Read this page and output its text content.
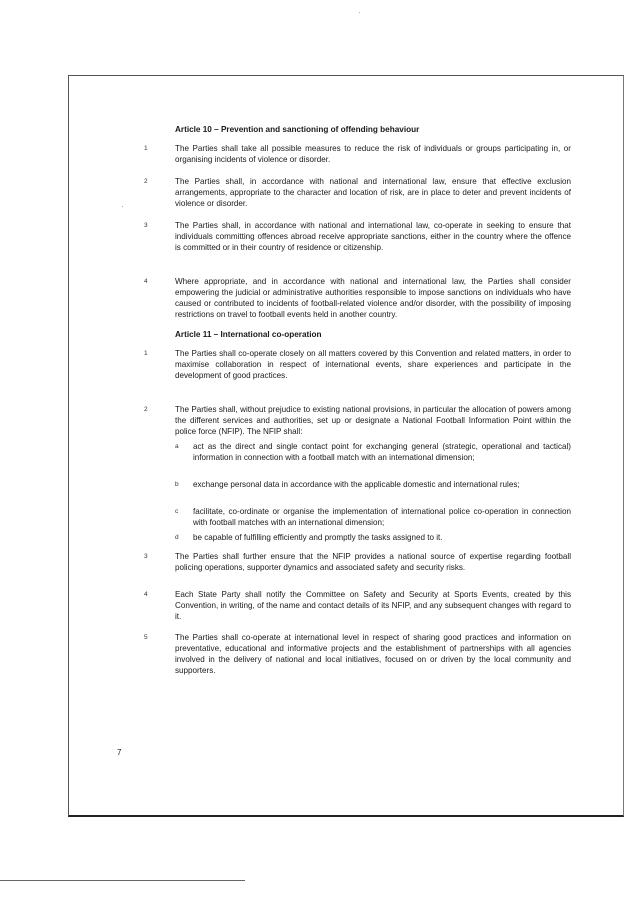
Article 10 – Prevention and sanctioning of offending behaviour

1	The Parties shall take all possible measures to reduce the risk of individuals or groups participating in, or organising incidents of violence or disorder.
2	The Parties shall, in accordance with national and international law, ensure that effective exclusion arrangements, appropriate to the character and location of risk, are in place to deter and prevent incidents of violence or disorder.
3	The Parties shall, in accordance with national and international law, co-operate in seeking to ensure that individuals committing offences abroad receive appropriate sanctions, either in the country where the offence is committed or in their country of residence or citizenship.
4	Where appropriate, and in accordance with national and international law, the Parties shall consider empowering the judicial or administrative authorities responsible to impose sanctions on individuals who have caused or contributed to incidents of football-related violence and/or disorder, with the possibility of imposing restrictions on travel to football events held in another country.

Article 11 – International co-operation

1	The Parties shall co-operate closely on all matters covered by this Convention and related matters, in order to maximise collaboration in respect of international events, share experiences and participate in the development of good practices.
2	The Parties shall, without prejudice to existing national provisions, in particular the allocation of powers among the different services and authorities, set up or designate a National Football Information Point within the police force (NFIP). The NFIP shall:
a act as the direct and single contact point for exchanging general (strategic, operational and tactical) information in connection with a football match with an international dimension;
b exchange personal data in accordance with the applicable domestic and international rules;
c facilitate, co-ordinate or organise the implementation of international police co-operation in connection with football matches with an international dimension;
d be capable of fulfilling efficiently and promptly the tasks assigned to it.
3	The Parties shall further ensure that the NFIP provides a national source of expertise regarding football policing operations, supporter dynamics and associated safety and security risks.
4	Each State Party shall notify the Committee on Safety and Security at Sports Events, created by this Convention, in writing, of the name and contact details of its NFIP, and any subsequent changes with regard to it.
5	The Parties shall co-operate at international level in respect of sharing good practices and information on preventative, educational and informative projects and the establishment of partnerships with all agencies involved in the delivery of national and local initiatives, focused on or driven by the local community and supporters.
7
